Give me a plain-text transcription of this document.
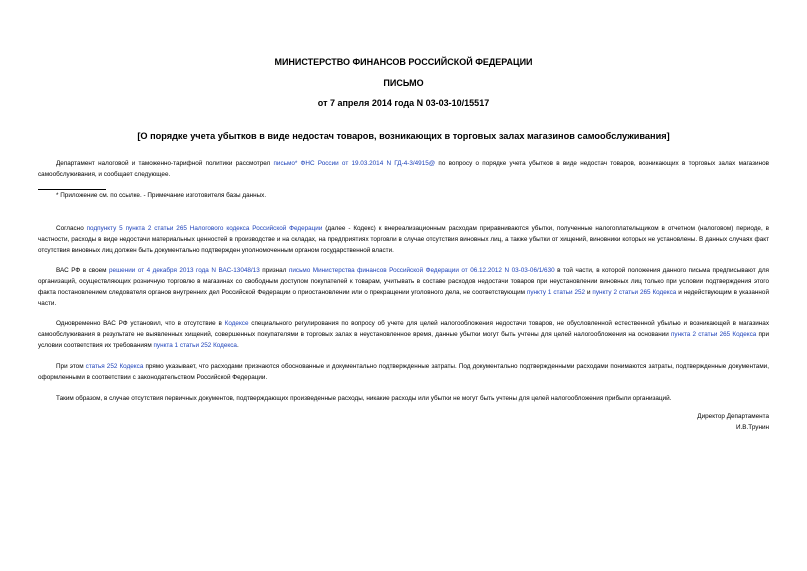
МИНИСТЕРСТВО ФИНАНСОВ РОССИЙСКОЙ ФЕДЕРАЦИИ
ПИСЬМО
от 7 апреля 2014 года N 03-03-10/15517
[О порядке учета убытков в виде недостач товаров, возникающих в торговых залах магазинов самообслуживания]

Департамент налоговой и таможенно-тарифной политики рассмотрел письмо* ФНС России от 19.03.2014 N ГД-4-3/4915@ по вопросу о порядке учета убытков в виде недостач товаров, возникающих в торговых залах магазинов самообслуживания, и сообщает следующее.

* Приложение см. по ссылке. - Примечание изготовителя базы данных.

Согласно подпункту 5 пункта 2 статьи 265 Налогового кодекса Российской Федерации (далее - Кодекс) к внереализационным расходам приравниваются убытки, полученные налогоплательщиком в отчетном (налоговом) периоде, в частности, расходы в виде недостачи материальных ценностей в производстве и на складах, на предприятиях торговли в случае отсутствия виновных лиц, а также убытки от хищений, виновники которых не установлены. В данных случаях факт отсутствия виновных лиц должен быть документально подтвержден уполномоченным органом государственной власти.

ВАС РФ в своем решении от 4 декабря 2013 года N ВАС-13048/13 признал письмо Министерства финансов Российской Федерации от 06.12.2012 N 03-03-06/1/630 в той части, в которой положения данного письма предписывают для организаций, осуществляющих розничную торговлю в магазинах со свободным доступом покупателей к товарам, учитывать в составе расходов недостачи товаров при неустановлении виновных лиц только при условии подтверждения этого факта постановлением следователя органов внутренних дел Российской Федерации о приостановлении или о прекращении уголовного дела, не соответствующим пункту 1 статьи 252 и пункту 2 статьи 265 Кодекса и недействующим в указанной части.

Одновременно ВАС РФ установил, что в отсутствие в Кодексе специального регулирования по вопросу об учете для целей налогообложения недостачи товаров, не обусловленной естественной убылью и возникающей в магазинах самообслуживания в результате не выявленных хищений, совершенных покупателями в торговых залах в неустановленное время, данные убытки могут быть учтены для целей налогообложения на основании пункта 2 статьи 265 Кодекса при условии соответствия их требованиям пункта 1 статьи 252 Кодекса.

При этом статья 252 Кодекса прямо указывает, что расходами признаются обоснованные и документально подтвержденные затраты. Под документально подтвержденными расходами понимаются затраты, подтвержденные документами, оформленными в соответствии с законодательством Российской Федерации.

Таким образом, в случае отсутствия первичных документов, подтверждающих произведенные расходы, никакие расходы или убытки не могут быть учтены для целей налогообложения прибыли организаций.

Директор Департамента
И.В.Трунин
